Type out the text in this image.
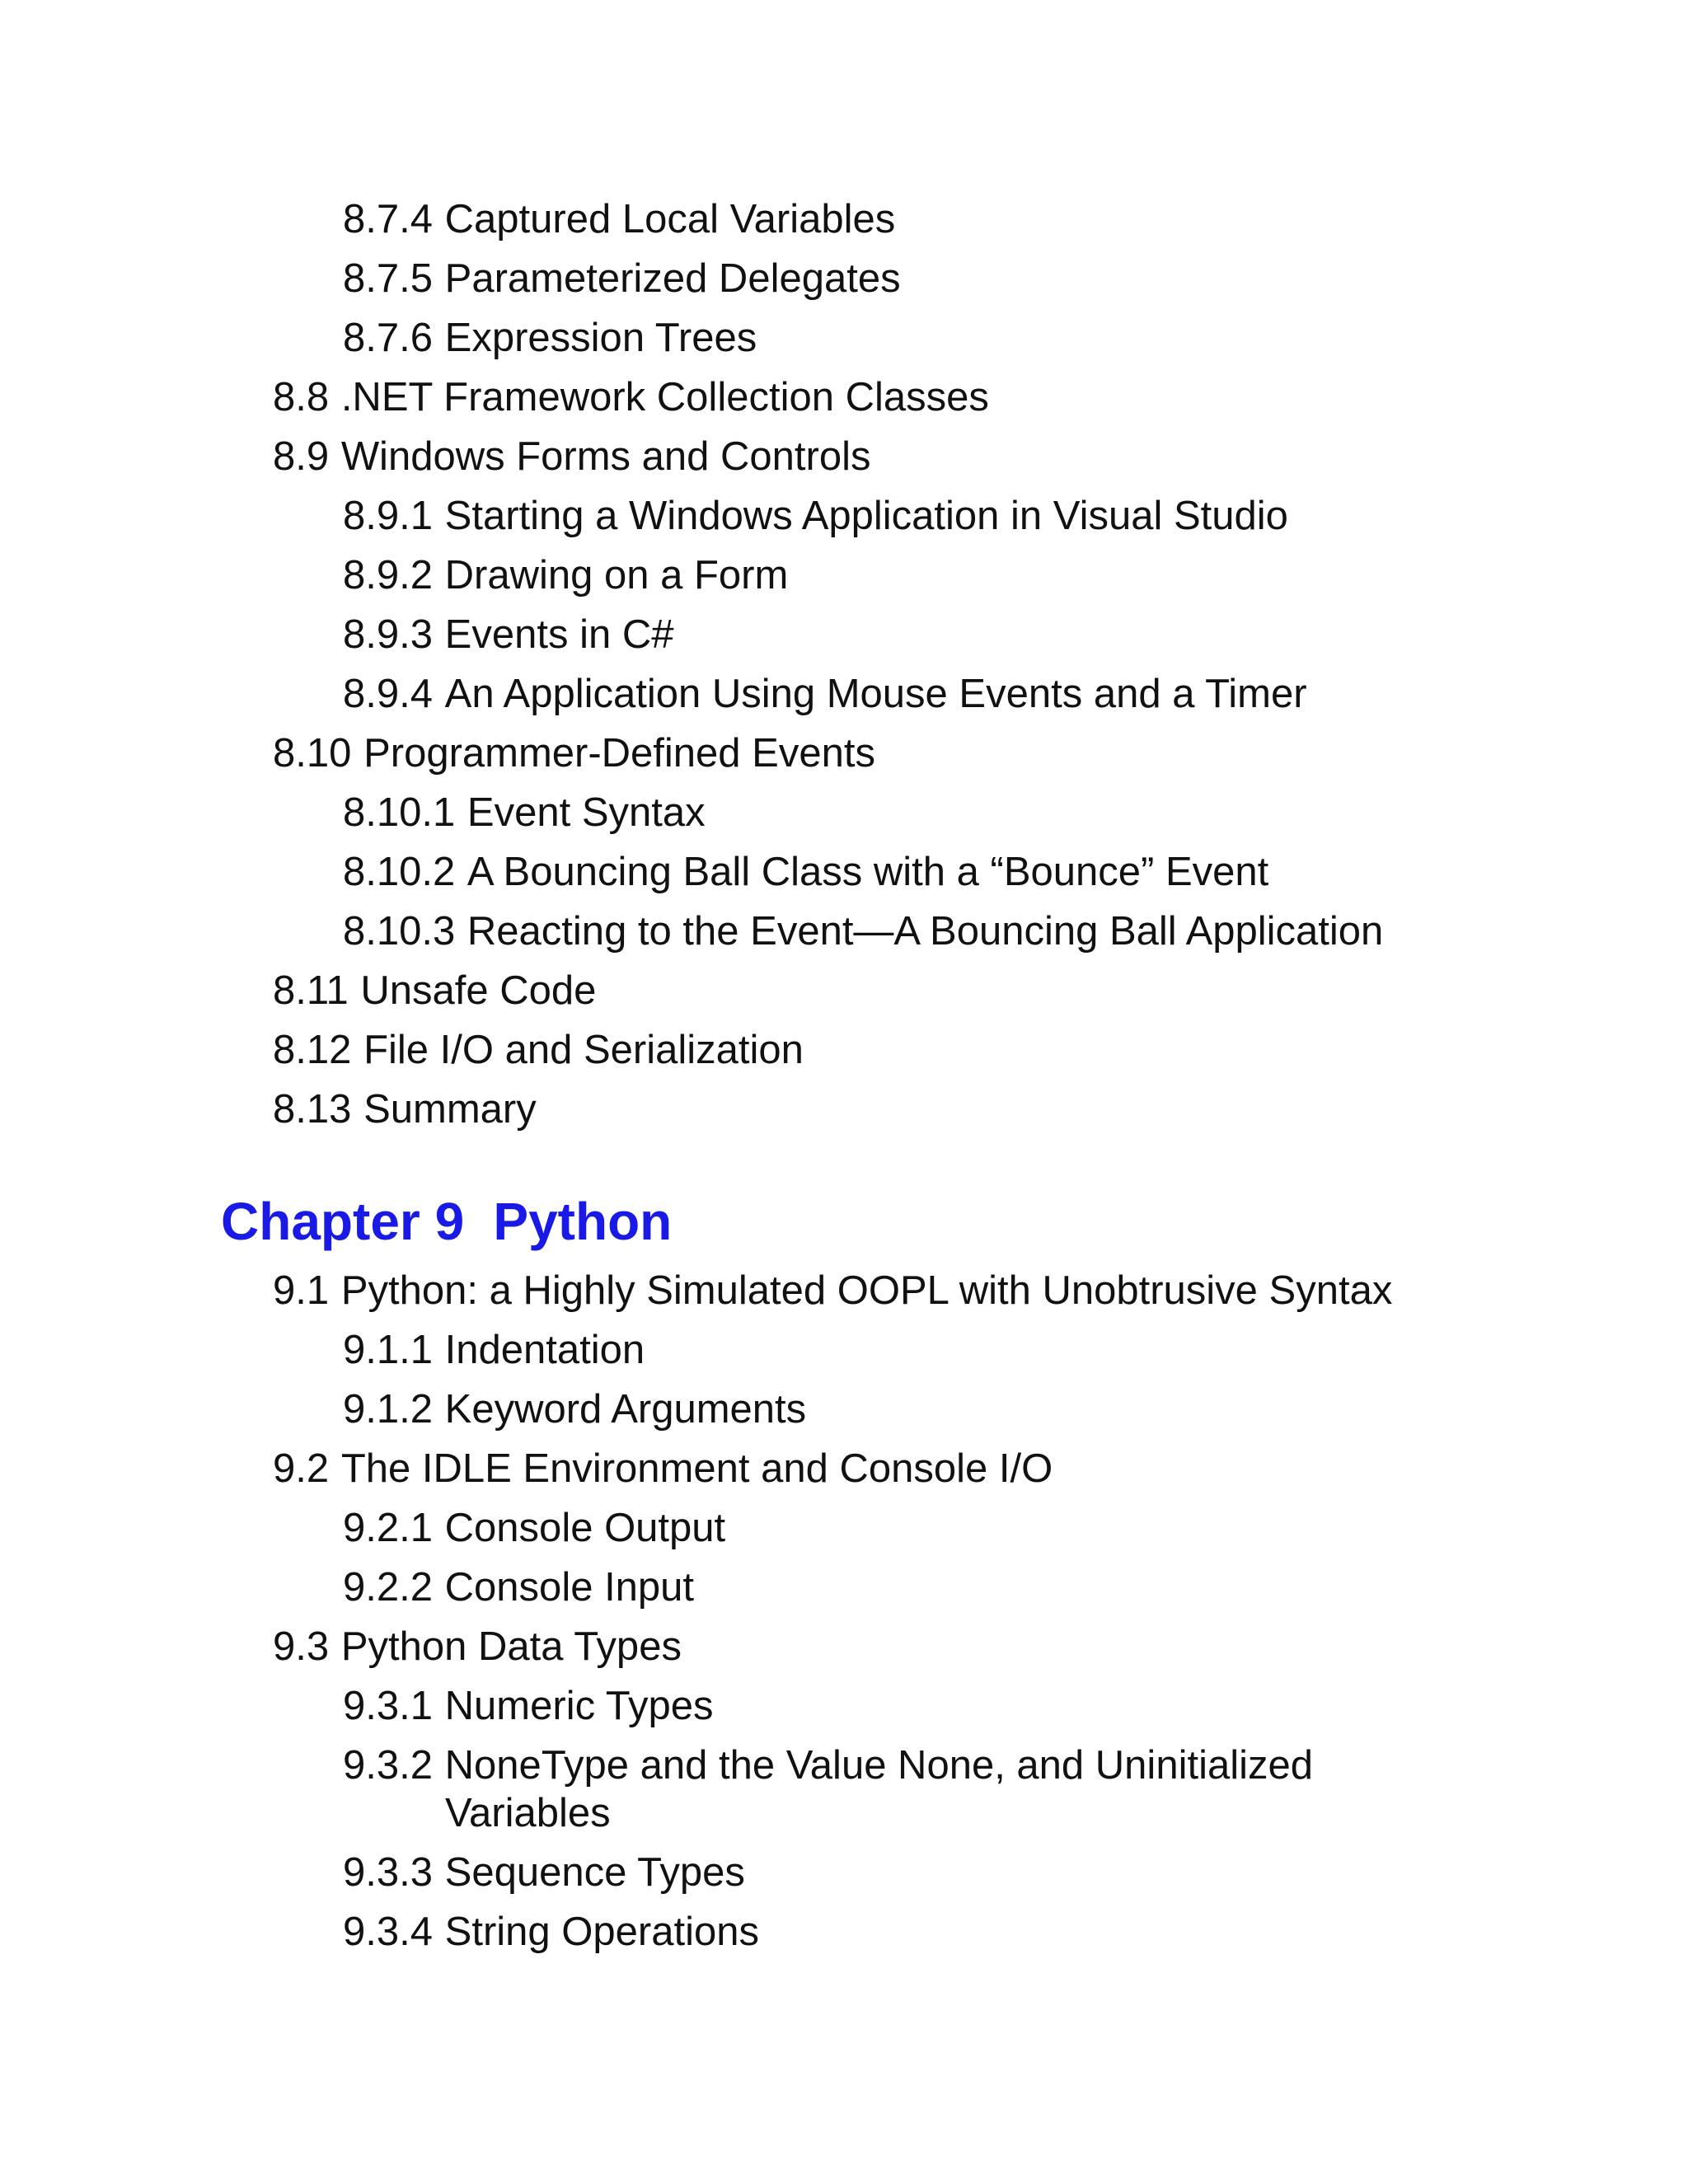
8.7.4 Captured Local Variables
8.7.5 Parameterized Delegates
8.7.6 Expression Trees
8.8 .NET Framework Collection Classes
8.9 Windows Forms and Controls
8.9.1 Starting a Windows Application in Visual Studio
8.9.2 Drawing on a Form
8.9.3 Events in C#
8.9.4 An Application Using Mouse Events and a Timer
8.10 Programmer-Defined Events
8.10.1 Event Syntax
8.10.2 A Bouncing Ball Class with a “Bounce” Event
8.10.3 Reacting to the Event—A Bouncing Ball Application
8.11 Unsafe Code
8.12 File I/O and Serialization
8.13 Summary
Chapter 9 Python
9.1 Python: a Highly Simulated OOPL with Unobtrusive Syntax
9.1.1 Indentation
9.1.2 Keyword Arguments
9.2 The IDLE Environment and Console I/O
9.2.1 Console Output
9.2.2 Console Input
9.3 Python Data Types
9.3.1 Numeric Types
9.3.2 NoneType and the Value None, and Uninitialized
Variables
9.3.3 Sequence Types
9.3.4 String Operations
